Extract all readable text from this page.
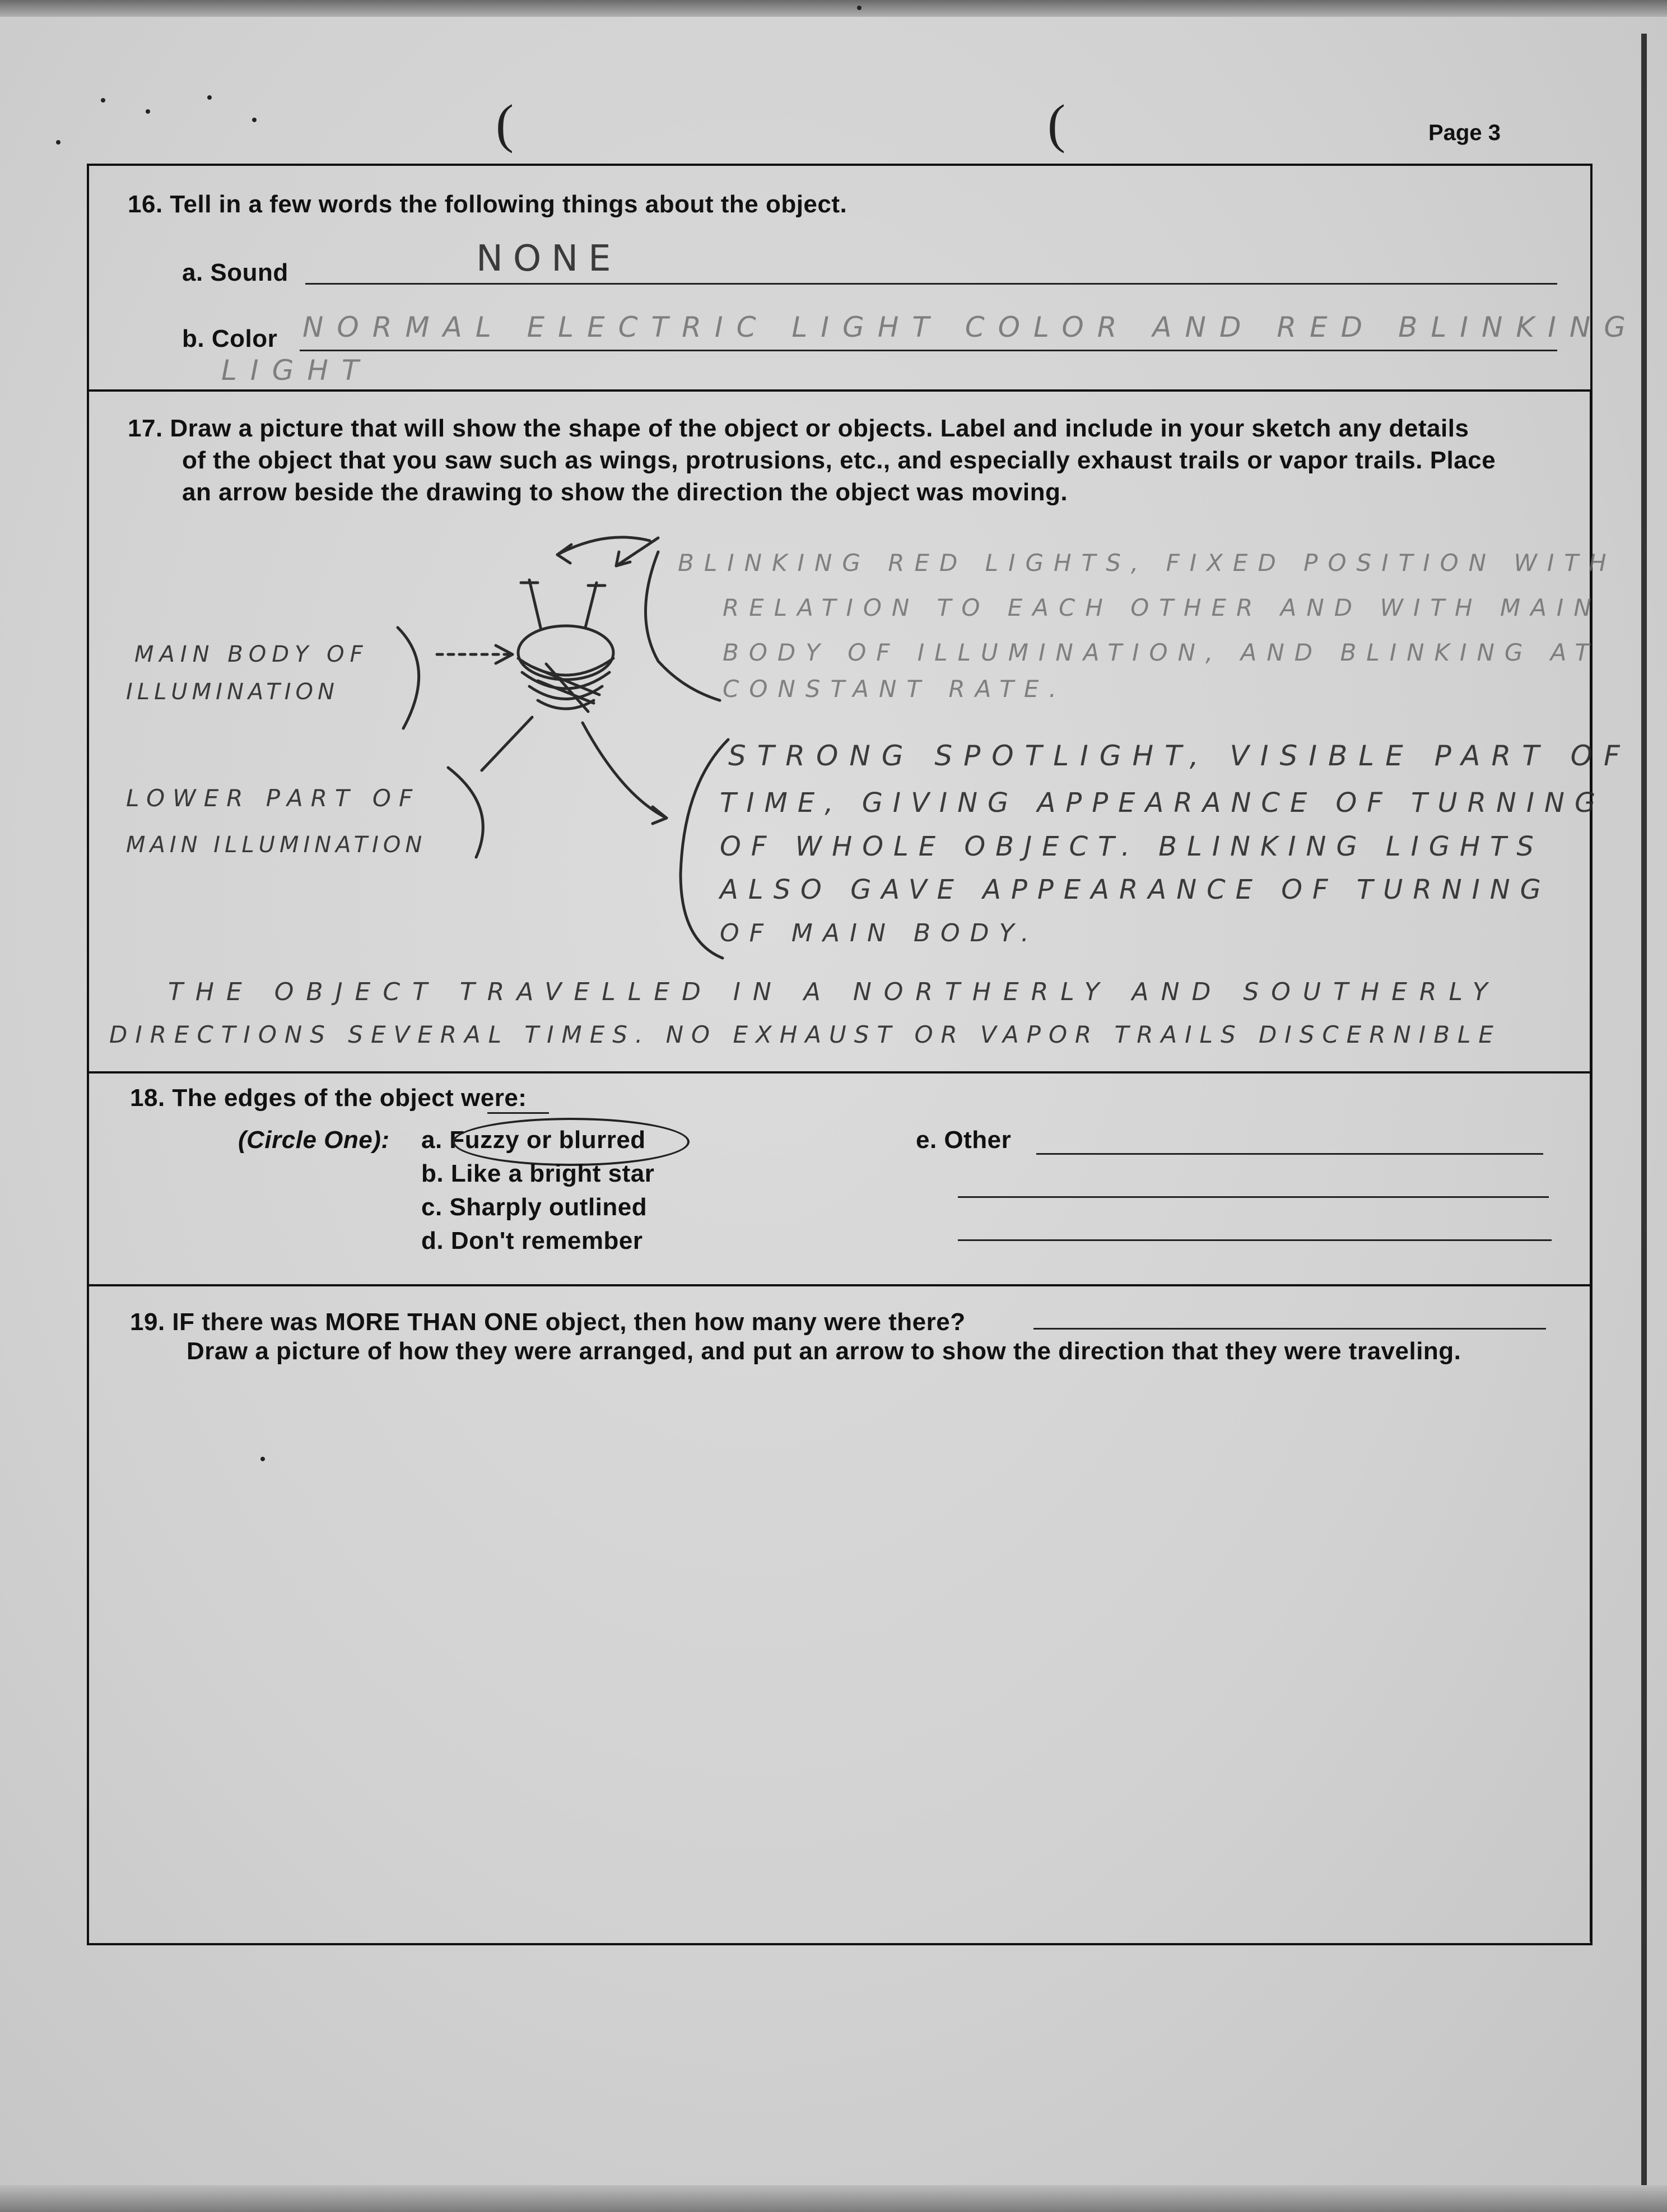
(	(	Page 3
16. Tell in a few words the following things about the object.
a. Sound	NONE
b. Color NORMAL ELECTRIC LIGHT COLOR AND RED BLINKING
LIGHT
17. Draw a picture that will show the shape of the object or objects. Label and include in your sketch any details
of the object that you saw such as wings, protrusions, etc., and especially exhaust trails or vapor trails. Place
an arrow beside the drawing to show the direction the object was moving.
MAIN BODY OF
ILLUMINATION
LOWER PART OF
MAIN ILLUMINATION
BLINKING RED LIGHTS, FIXED POSITION WITH
RELATION TO EACH OTHER AND WITH MAIN
BODY OF ILLUMINATION, AND BLINKING AT
CONSTANT RATE.
STRONG SPOTLIGHT, VISIBLE PART OF
TIME, GIVING APPEARANCE OF TURNING
OF WHOLE OBJECT. BLINKING LIGHTS
ALSO GAVE APPEARANCE OF TURNING
OF MAIN BODY.
THE OBJECT TRAVELLED IN A NORTHERLY AND SOUTHERLY
DIRECTIONS SEVERAL TIMES. NO EXHAUST OR VAPOR TRAILS DISCERNIBLE
18. The edges of the object were:
(Circle One): a. Fuzzy or blurred
b. Like a bright star
c. Sharply outlined
d. Don't remember
e. Other
19. IF there was MORE THAN ONE object, then how many were there?
Draw a picture of how they were arranged, and put an arrow to show the direction that they were traveling.
